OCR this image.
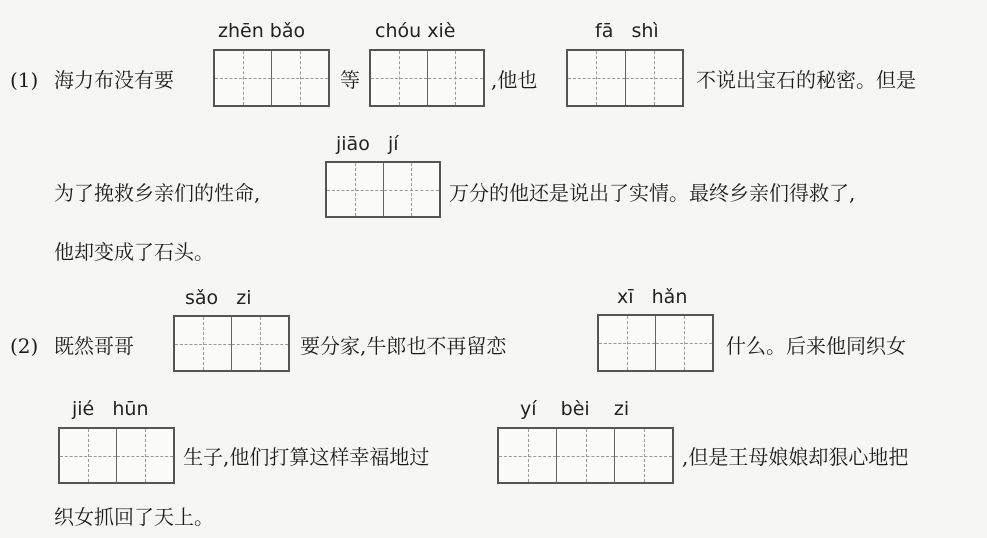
(1) 海力布没有要
zhēn bǎo
等
chóu xiè
,他也
fā   shì
不说出宝石的秘密。但是
jiāo   jí
为了挽救乡亲们的性命,	万分的他还是说出了实情。最终乡亲们得救了,
他却变成了石头。
sǎo   zi
(2) 既然哥哥	要分家,牛郎也不再留恋
xī   hǎn
什么。后来他同织女
jié   hūn
生子,他们打算这样幸福地过
yí    bèi    zi
,但是王母娘娘却狠心地把
织女抓回了天上。
